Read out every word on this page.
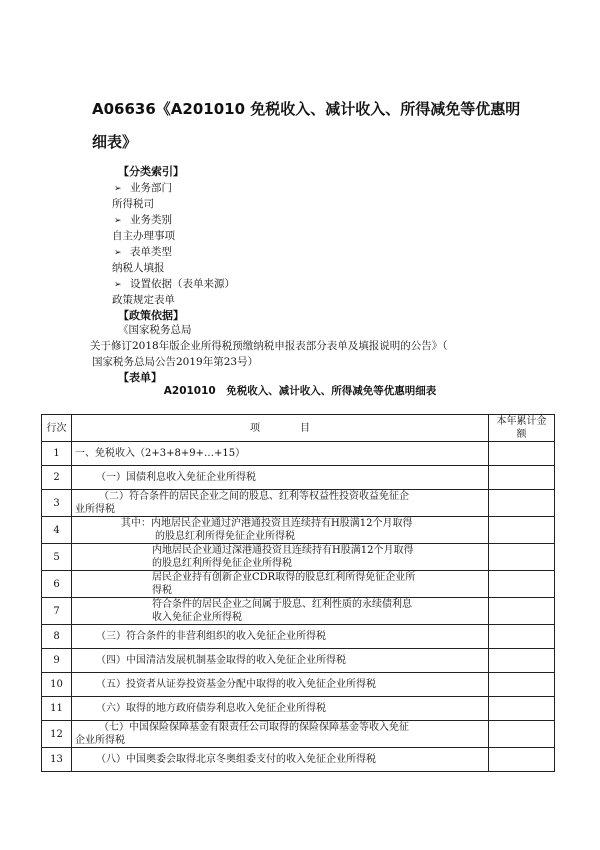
A06636《A201010 免税收入、减计收入、所得减免等优惠明
细表》
【分类索引】
➢ 业务部门
所得税司
➢ 业务类别
自主办理事项
➢ 表单类型
纳税人填报
➢ 设置依据（表单来源）
政策规定表单
【政策依据】
《国家税务总局
关于修订2018年版企业所得税预缴纳税申报表部分表单及填报说明的公告》（
国家税务总局公告2019年第23号）
【表单】
A201010　免税收入、减计收入、所得减免等优惠明细表
行次	项　　　　目	本年累计金额
1	一、免税收入（2+3+8+9+…+15）	

2	（一）国债利息收入免征企业所得税	

3	（二）符合条件的居民企业之间的股息、红利等权益性投资收益免征企
业所得税	

4	其中：内地居民企业通过沪港通投资且连续持有H股满12个月取得
的股息红利所得免征企业所得税	

5	内地居民企业通过深港通投资且连续持有H股满12个月取得
的股息红利所得免征企业所得税	

6	居民企业持有创新企业CDR取得的股息红利所得免征企业所
得税	

7	符合条件的居民企业之间属于股息、红利性质的永续债利息
收入免征企业所得税	

8	（三）符合条件的非营利组织的收入免征企业所得税	

9	（四）中国清洁发展机制基金取得的收入免征企业所得税	

10	（五）投资者从证券投资基金分配中取得的收入免征企业所得税	

11	（六）取得的地方政府债券利息收入免征企业所得税	

12	（七）中国保险保障基金有限责任公司取得的保险保障基金等收入免征
企业所得税	

13	（八）中国奥委会取得北京冬奥组委支付的收入免征企业所得税	
